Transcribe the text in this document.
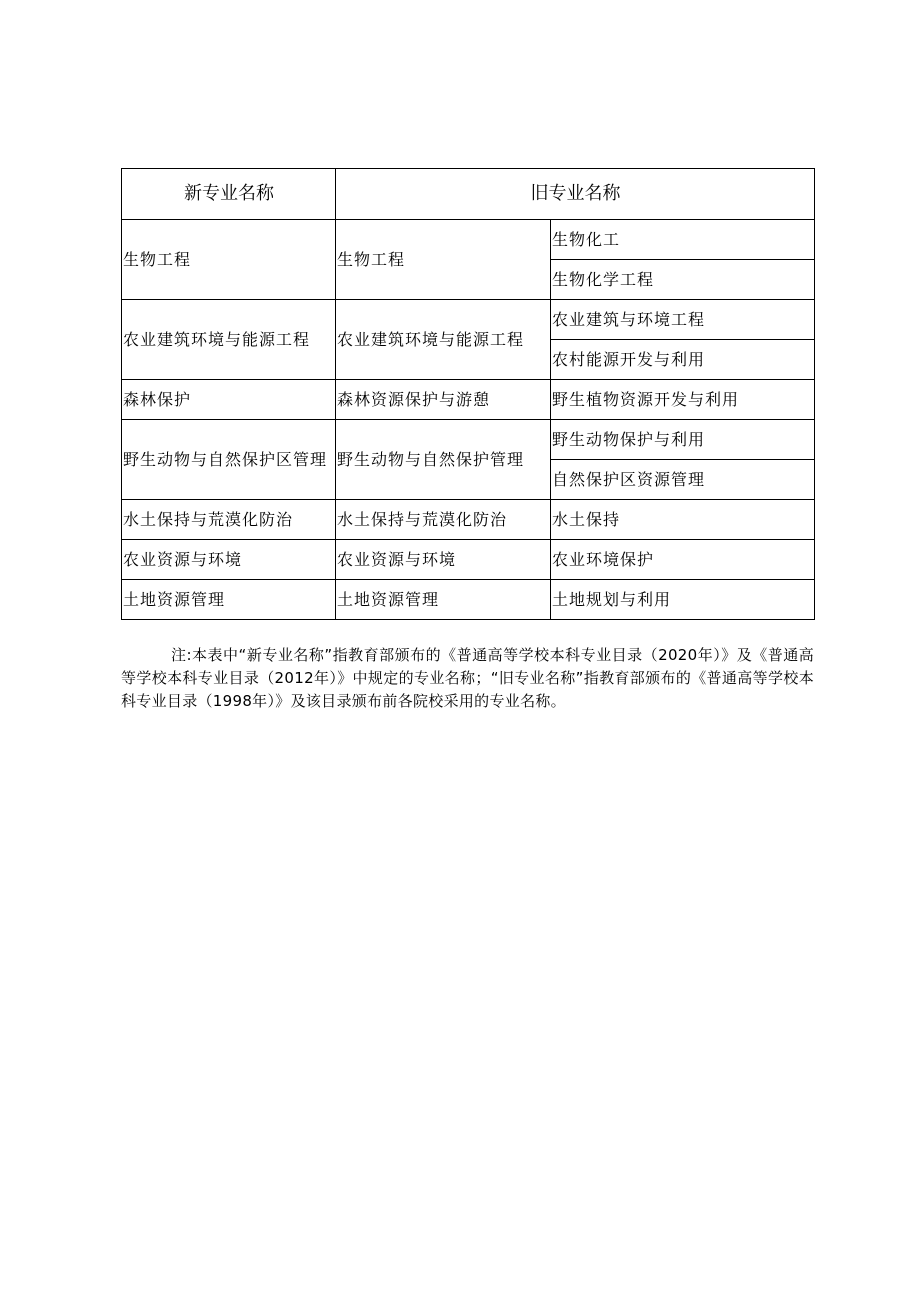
新专业名称	旧专业名称	
生物工程	生物工程	生物化工
		生物化学工程
农业建筑环境与能源工程	农业建筑环境与能源工程	农业建筑与环境工程
		农村能源开发与利用
森林保护	森林资源保护与游憩	野生植物资源开发与利用
野生动物与自然保护区管理	野生动物与自然保护管理	野生动物保护与利用
		自然保护区资源管理
水土保持与荒漠化防治	水土保持与荒漠化防治	水土保持
农业资源与环境	农业资源与环境	农业环境保护
土地资源管理	土地资源管理	土地规划与利用

注:本表中“新专业名称”指教育部颁布的《普通高等学校本科专业目录（2020年）》及《普通高等学校本科专业目录（2012年）》中规定的专业名称；“旧专业名称”指教育部颁布的《普通高等学校本科专业目录（1998年）》及该目录颁布前各院校采用的专业名称。
